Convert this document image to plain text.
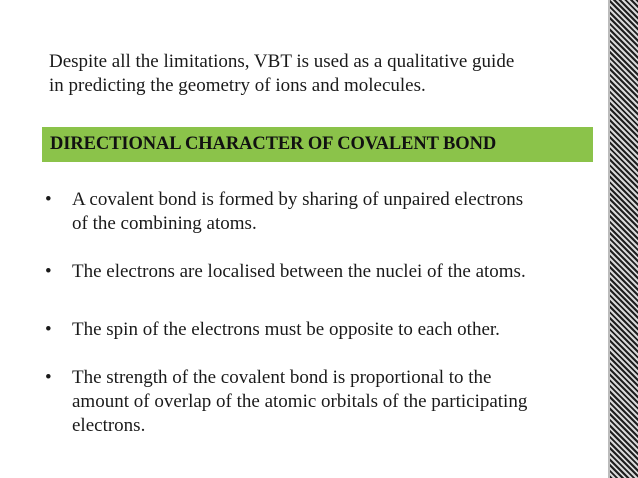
Despite all the limitations, VBT is used as a qualitative guide
in predicting the geometry of ions and molecules.
DIRECTIONAL CHARACTER OF COVALENT BOND
•	A covalent bond is formed by sharing of unpaired electrons
of the combining atoms.
•	The electrons are localised between the nuclei of the atoms.
•	The spin of the electrons must be opposite to each other.
•	The strength of the covalent bond is proportional to the
amount of overlap of the atomic orbitals of the participating
electrons.
